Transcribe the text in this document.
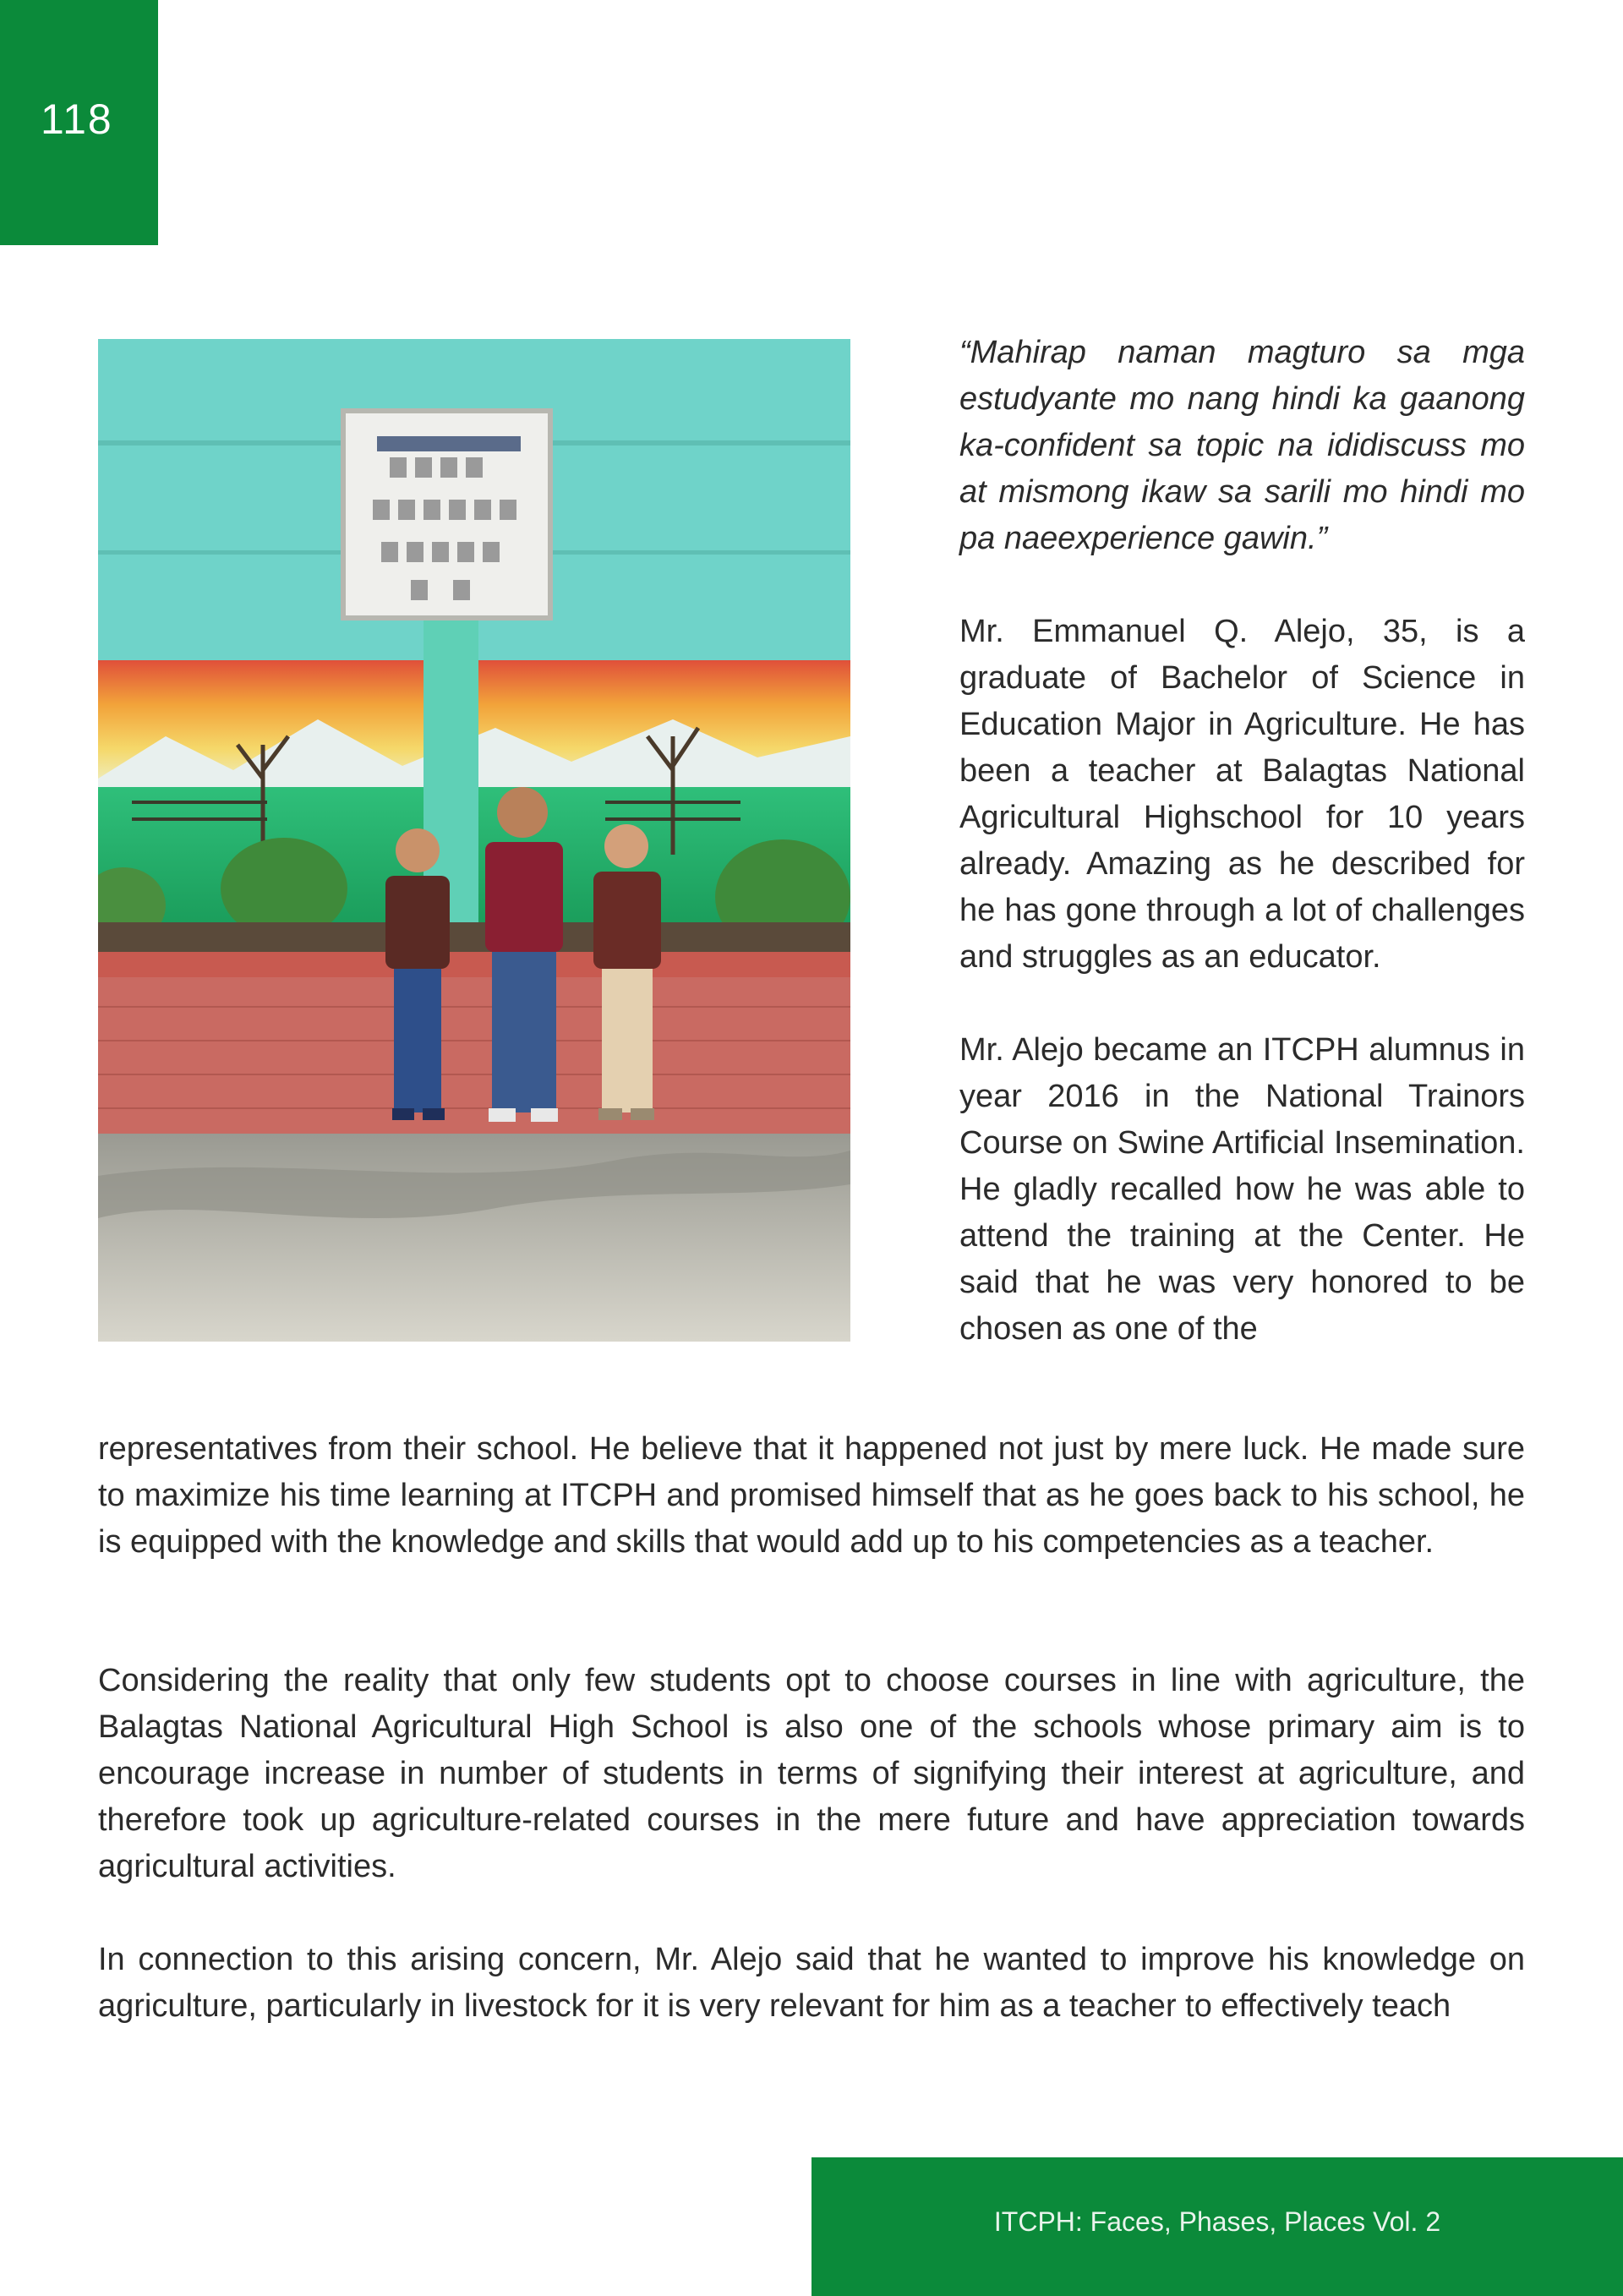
118
“Mahirap naman magturo sa mga estudyante mo nang hindi ka gaanong ka-confident sa topic na ididiscuss mo at mismong ikaw sa sarili mo hindi mo pa naeexperience gawin.”
Mr. Emmanuel Q. Alejo, 35, is a graduate of Bachelor of Science in Education Major in Agriculture. He has been a teacher at Balagtas National Agricultural Highschool for 10 years already. Amazing as he described for he has gone through a lot of challenges and struggles as an educator.
Mr. Alejo became an ITCPH alumnus in year 2016 in the National Trainors Course on Swine Artificial Insemination. He gladly recalled how he was able to attend the training at the Center. He said that he was very honored to be chosen as one of the
representatives from their school. He believe that it happened not just by mere luck. He made sure to maximize his time learning at ITCPH and promised himself that as he goes back to his school, he is equipped with the knowledge and skills that would add up to his competencies as a teacher.
Considering the reality that only few students opt to choose courses in line with agriculture, the Balagtas National Agricultural High School is also one of the schools whose primary aim is to encourage increase in number of students in terms of signifying their interest at agriculture, and therefore took up agriculture-related courses in the mere future and have appreciation towards agricultural activities.
In connection to this arising concern, Mr. Alejo said that he wanted to improve his knowledge on agriculture, particularly in livestock for it is very relevant for him as a teacher to effectively teach
ITCPH: Faces, Phases, Places Vol. 2
